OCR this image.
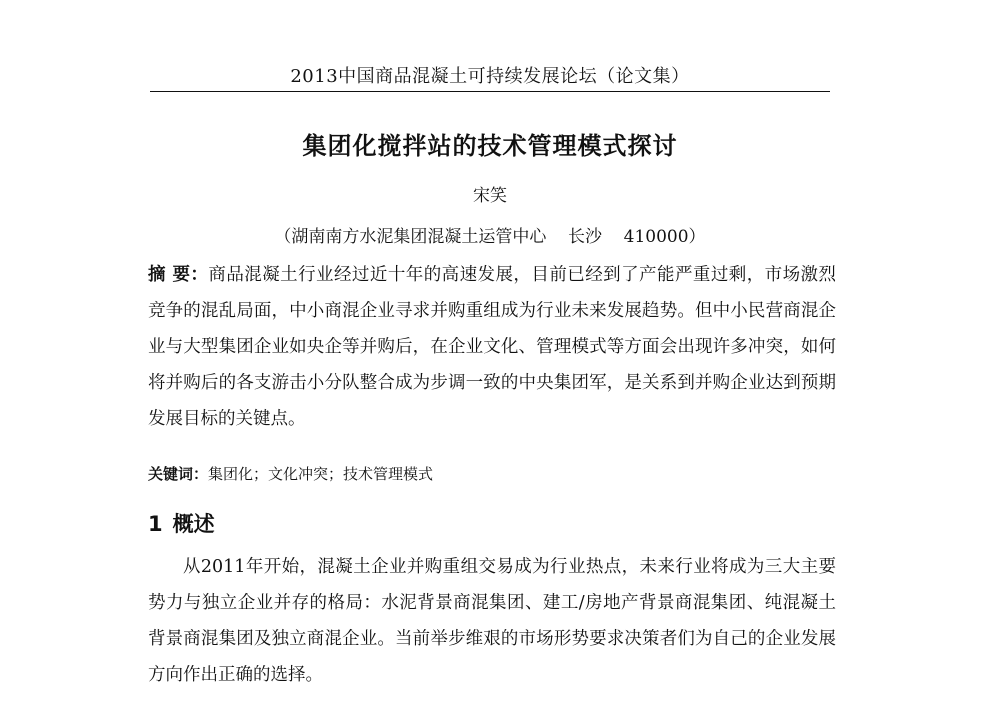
2013中国商品混凝土可持续发展论坛（论文集）
集团化搅拌站的技术管理模式探讨
宋笑
（湖南南方水泥集团混凝土运管中心    长沙    410000）
摘 要：商品混凝土行业经过近十年的高速发展，目前已经到了产能严重过剩，市场激烈竞争的混乱局面，中小商混企业寻求并购重组成为行业未来发展趋势。但中小民营商混企业与大型集团企业如央企等并购后，在企业文化、管理模式等方面会出现许多冲突，如何将并购后的各支游击小分队整合成为步调一致的中央集团军，是关系到并购企业达到预期发展目标的关键点。
关键词：集团化；文化冲突；技术管理模式
1 概述
从2011年开始，混凝土企业并购重组交易成为行业热点，未来行业将成为三大主要势力与独立企业并存的格局：水泥背景商混集团、建工/房地产背景商混集团、纯混凝土背景商混集团及独立商混企业。当前举步维艰的市场形势要求决策者们为自己的企业发展方向作出正确的选择。
